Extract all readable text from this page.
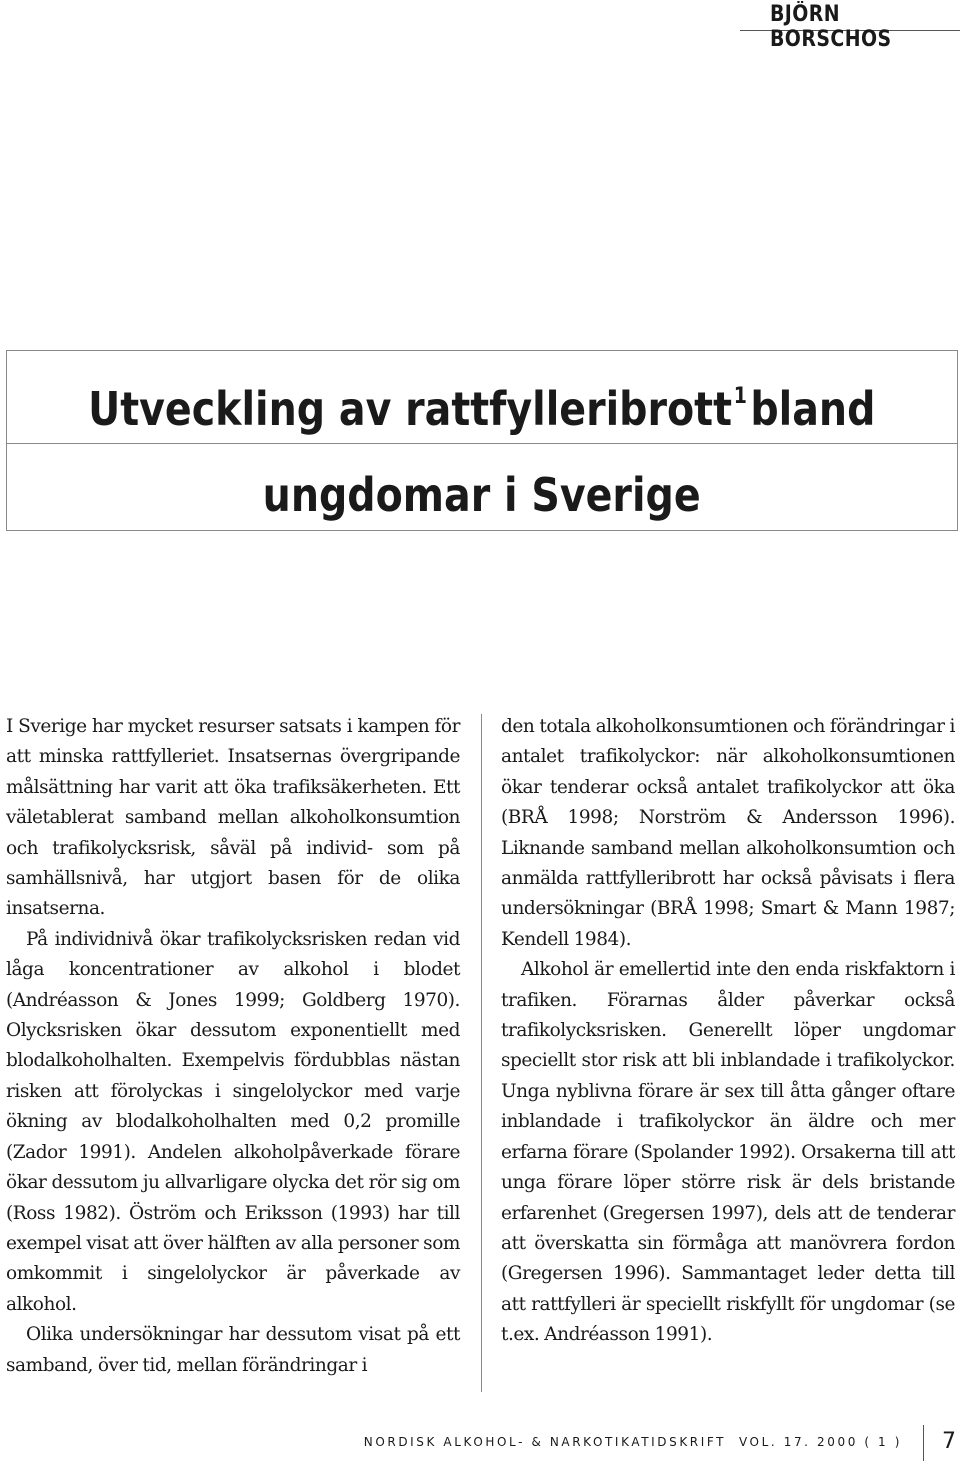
BJÖRN BORSCHOS
Utveckling av rattfylleribrott$^1$bland
ungdomar i Sverige

I Sverige har mycket resurser satsats i kampen för att minska rattfylleriet. Insatsernas övergripande målsättning har varit att öka trafiksäkerheten. Ett väletablerat samband mellan alkoholkonsumtion och trafikolycksrisk, såväl på individ- som på samhällsnivå, har utgjort basen för de olika insatserna.

På individnivå ökar trafikolycksrisken redan vid låga koncentrationer av alkohol i blodet (Andréasson & Jones 1999; Goldberg 1970). Olycksrisken ökar dessutom exponentiellt med blodalkoholhalten. Exempelvis fördubblas nästan risken att förolyckas i singelolyckor med varje ökning av blodalkoholhalten med 0,2 promille (Zador 1991). Andelen alkoholpåverkade förare ökar dessutom ju allvarligare olycka det rör sig om (Ross 1982). Öström och Eriksson (1993) har till exempel visat att över hälften av alla personer som omkommit i singelolyckor är påverkade av alkohol.

Olika undersökningar har dessutom visat på ett samband, över tid, mellan förändringar i

den totala alkoholkonsumtionen och förändringar i antalet trafikolyckor: när alkoholkonsumtionen ökar tenderar också antalet trafikolyckor att öka (BRÅ 1998; Norström & Andersson 1996). Liknande samband mellan alkoholkonsumtion och anmälda rattfylleribrott har också påvisats i flera undersökningar (BRÅ 1998; Smart & Mann 1987; Kendell 1984).

Alkohol är emellertid inte den enda riskfaktorn i trafiken. Förarnas ålder påverkar också trafikolycksrisken. Generellt löper ungdomar speciellt stor risk att bli inblandade i trafikolyckor. Unga nyblivna förare är sex till åtta gånger oftare inblandade i trafikolyckor än äldre och mer erfarna förare (Spolander 1992). Orsakerna till att unga förare löper större risk är dels bristande erfarenhet (Gregersen 1997), dels att de tenderar att överskatta sin förmåga att manövrera fordon (Gregersen 1996). Sammantaget leder detta till att rattfylleri är speciellt riskfyllt för ungdomar (se t.ex. Andréasson 1991).

NORDISK ALKOHOL- & NARKOTIKATIDSKRIFT VOL. 17. 2000 ( 1 ) 7
